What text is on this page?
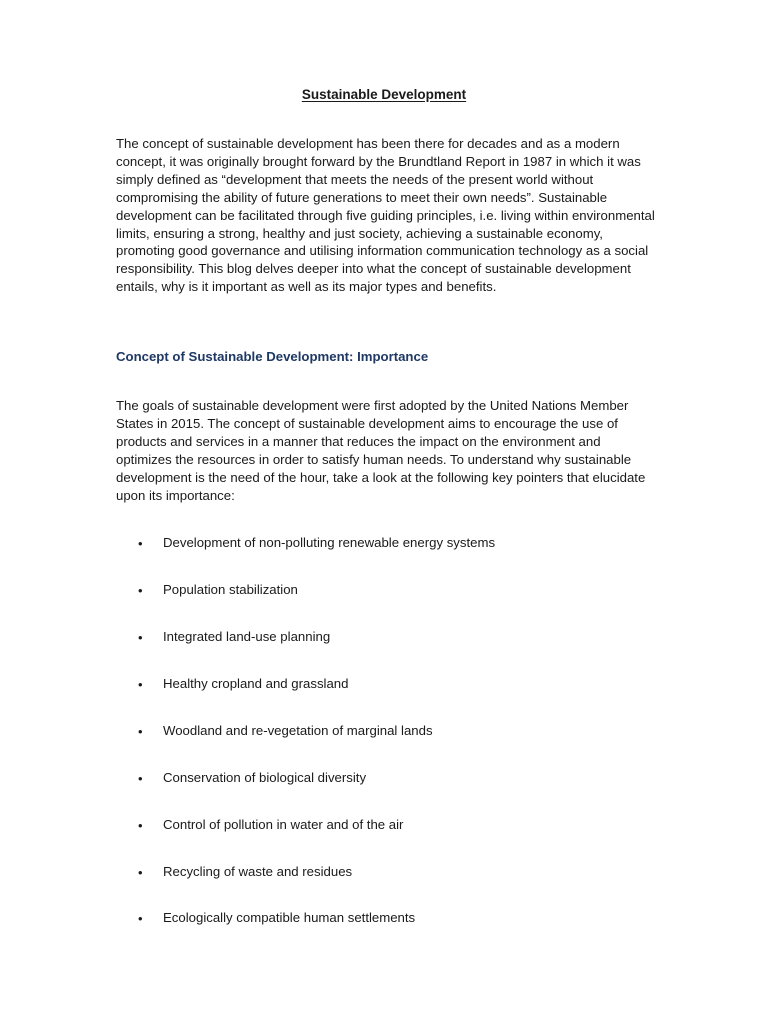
Sustainable Development

The concept of sustainable development has been there for decades and as a modern concept, it was originally brought forward by the Brundtland Report in 1987 in which it was simply defined as “development that meets the needs of the present world without compromising the ability of future generations to meet their own needs”. Sustainable development can be facilitated through five guiding principles, i.e. living within environmental limits, ensuring a strong, healthy and just society, achieving a sustainable economy, promoting good governance and utilising information communication technology as a social responsibility. This blog delves deeper into what the concept of sustainable development entails, why is it important as well as its major types and benefits.

Concept of Sustainable Development: Importance

The goals of sustainable development were first adopted by the United Nations Member States in 2015. The concept of sustainable development aims to encourage the use of products and services in a manner that reduces the impact on the environment and optimizes the resources in order to satisfy human needs. To understand why sustainable development is the need of the hour, take a look at the following key pointers that elucidate upon its importance:

• Development of non-polluting renewable energy systems
• Population stabilization
• Integrated land-use planning
• Healthy cropland and grassland
• Woodland and re-vegetation of marginal lands
• Conservation of biological diversity
• Control of pollution in water and of the air
• Recycling of waste and residues
• Ecologically compatible human settlements
